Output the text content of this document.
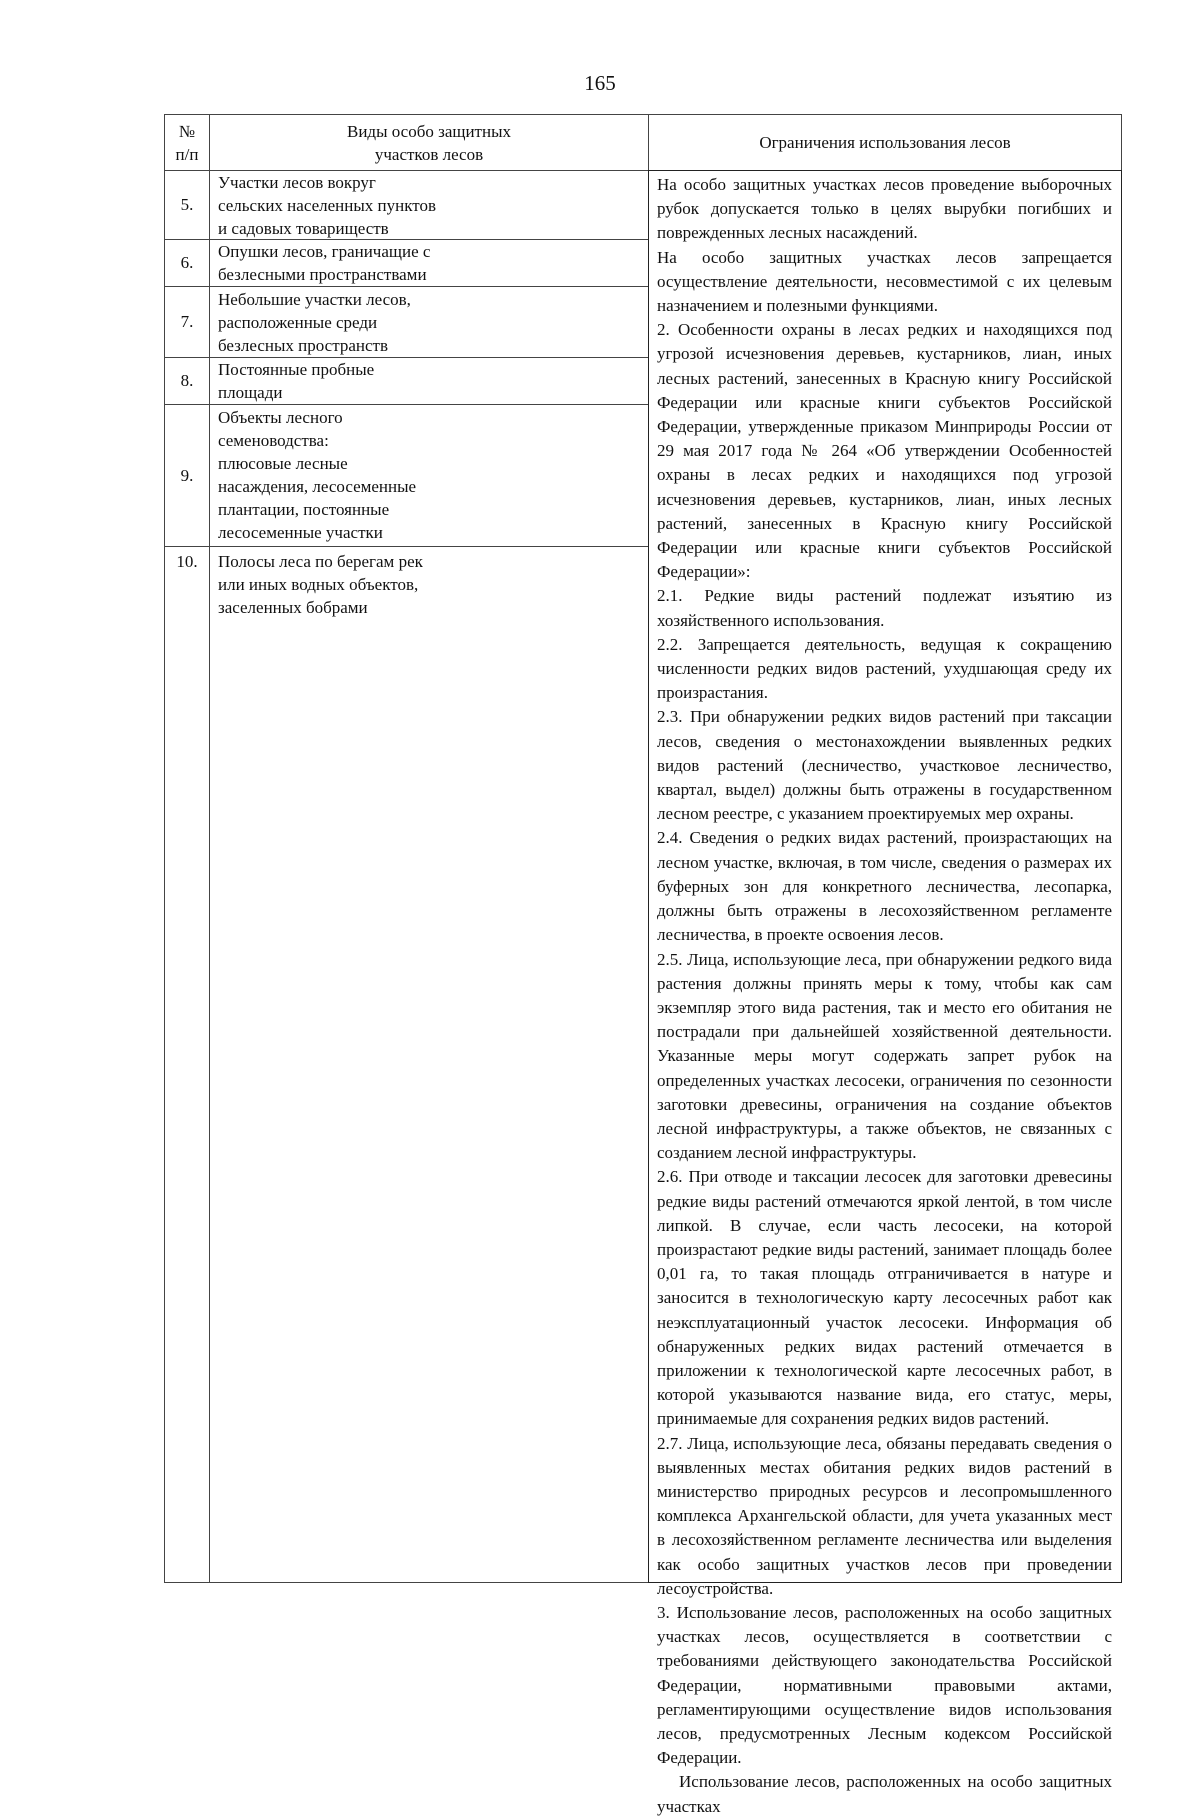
165
№
п/п
Виды особо защитных
участков лесов
Ограничения использования лесов
5.
Участки лесов вокруг
сельских населенных пунктов
и садовых товариществ
6.
Опушки лесов, граничащие с
безлесными пространствами
7.
Небольшие участки лесов,
расположенные среди
безлесных пространств
8.
Постоянные пробные
площади
9.
Объекты лесного
семеноводства:
плюсовые лесные
насаждения, лесосеменные
плантации, постоянные
лесосеменные участки
10.	Полосы леса по берегам рек
или иных водных объектов,
заселенных бобрами

На особо защитных участках лесов проведение выборочных рубок допускается только в целях вырубки погибших и поврежденных лесных насаждений.

На особо защитных участках лесов запрещается осуществление деятельности, несовместимой с их целевым назначением и полезными функциями.

2. Особенности охраны в лесах редких и находящихся под угрозой исчезновения деревьев, кустарников, лиан, иных лесных растений, занесенных в Красную книгу Российской Федерации или красные книги субъектов Российской Федерации, утвержденные приказом Минприроды России от 29 мая 2017 года № 264 «Об утверждении Особенностей охраны в лесах редких и находящихся под угрозой исчезновения деревьев, кустарников, лиан, иных лесных растений, занесенных в Красную книгу Российской Федерации или красные книги субъектов Российской Федерации»:

2.1. Редкие виды растений подлежат изъятию из хозяйственного использования.

2.2. Запрещается деятельность, ведущая к сокращению численности редких видов растений, ухудшающая среду их произрастания.

2.3. При обнаружении редких видов растений при таксации лесов, сведения о местонахождении выявленных редких видов растений (лесничество, участковое лесничество, квартал, выдел) должны быть отражены в государственном лесном реестре, с указанием проектируемых мер охраны.

2.4. Сведения о редких видах растений, произрастающих на лесном участке, включая, в том числе, сведения о размерах их буферных зон для конкретного лесничества, лесопарка, должны быть отражены в лесохозяйственном регламенте лесничества, в проекте освоения лесов.

2.5. Лица, использующие леса, при обнаружении редкого вида растения должны принять меры к тому, чтобы как сам экземпляр этого вида растения, так и место его обитания не пострадали при дальнейшей хозяйственной деятельности. Указанные меры могут содержать запрет рубок на определенных участках лесосеки, ограничения по сезонности заготовки древесины, ограничения на создание объектов лесной инфраструктуры, а также объектов, не связанных с созданием лесной инфраструктуры.

2.6. При отводе и таксации лесосек для заготовки древесины редкие виды растений отмечаются яркой лентой, в том числе липкой. В случае, если часть лесосеки, на которой произрастают редкие виды растений, занимает площадь более 0,01 га, то такая площадь отграничивается в натуре и заносится в технологическую карту лесосечных работ как неэксплуатационный участок лесосеки. Информация об обнаруженных редких видах растений отмечается в приложении к технологической карте лесосечных работ, в которой указываются название вида, его статус, меры, принимаемые для сохранения редких видов растений.

2.7. Лица, использующие леса, обязаны передавать сведения о выявленных местах обитания редких видов растений в министерство природных ресурсов и лесопромышленного комплекса Архангельской области, для учета указанных мест в лесохозяйственном регламенте лесничества или выделения как особо защитных участков лесов при проведении лесоустройства.

3. Использование лесов, расположенных на особо защитных участках лесов, осуществляется в соответствии с требованиями действующего законодательства Российской Федерации, нормативными правовыми актами, регламентирующими осуществление видов использования лесов, предусмотренных Лесным кодексом Российской Федерации.

Использование лесов, расположенных на особо защитных участках
